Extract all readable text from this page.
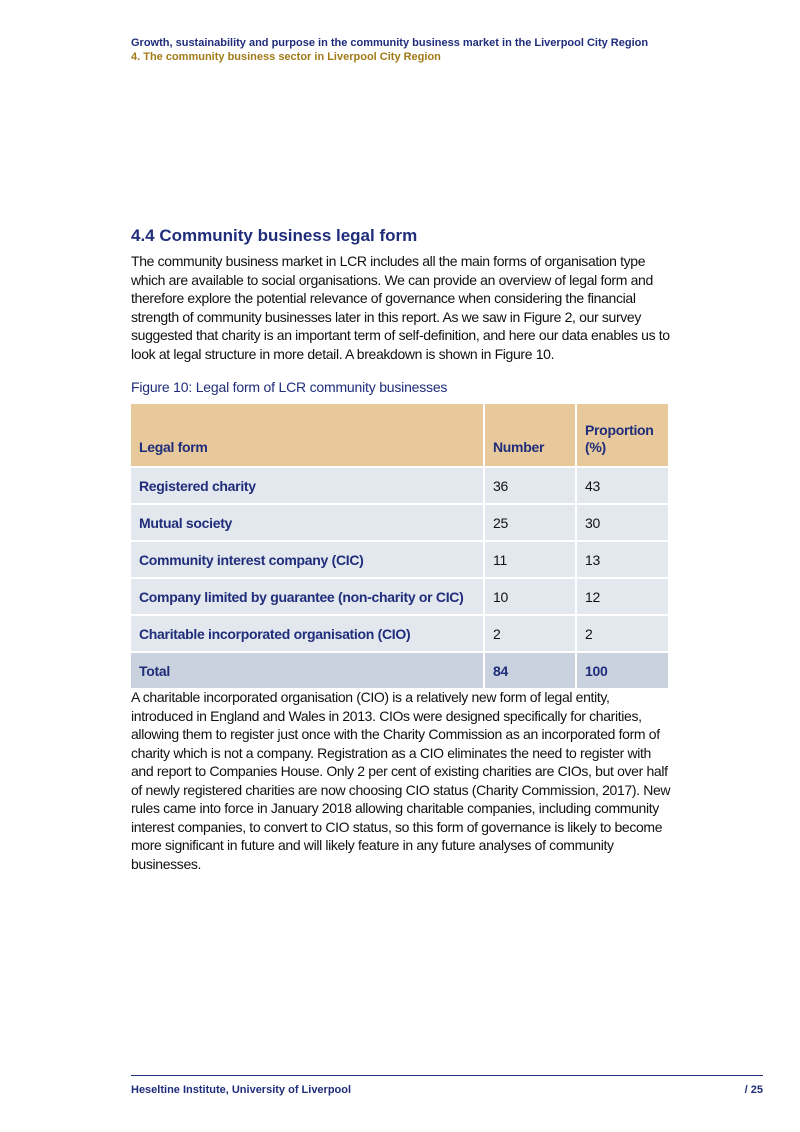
Growth, sustainability and purpose in the community business market in the Liverpool City Region
4. The community business sector in Liverpool City Region
4.4 Community business legal form

The community business market in LCR includes all the main forms of organisation type which are available to social organisations. We can provide an overview of legal form and therefore explore the potential relevance of governance when considering the financial strength of community businesses later in this report. As we saw in Figure 2, our survey suggested that charity is an important term of self-definition, and here our data enables us to look at legal structure in more detail. A breakdown is shown in Figure 10.

Figure 10: Legal form of LCR community businesses
Legal form	Number	Proportion (%)
Registered charity	36	43
Mutual society	25	30
Community interest company (CIC)	11	13
Company limited by guarantee (non-charity or CIC)	10	12
Charitable incorporated organisation (CIO)	2	2
Total	84	100

A charitable incorporated organisation (CIO) is a relatively new form of legal entity, introduced in England and Wales in 2013. CIOs were designed specifically for charities, allowing them to register just once with the Charity Commission as an incorporated form of charity which is not a company. Registration as a CIO eliminates the need to register with and report to Companies House. Only 2 per cent of existing charities are CIOs, but over half of newly registered charities are now choosing CIO status (Charity Commission, 2017). New rules came into force in January 2018 allowing charitable companies, including community interest companies, to convert to CIO status, so this form of governance is likely to become more significant in future and will likely feature in any future analyses of community businesses.

Heseltine Institute, University of Liverpool	/ 25
